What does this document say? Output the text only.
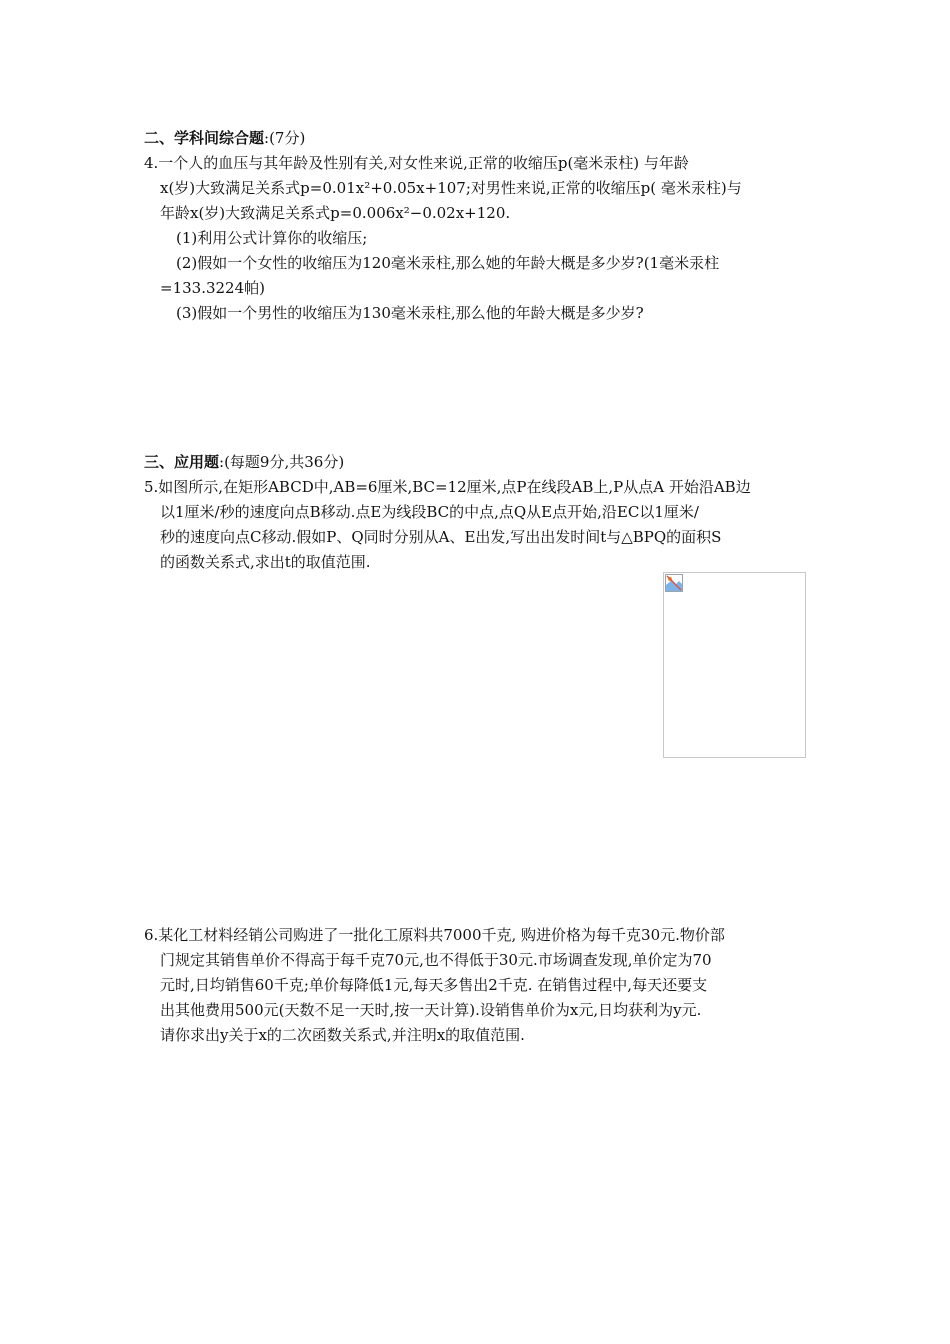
二、学科间综合题:(7分)
4.一个人的血压与其年龄及性别有关,对女性来说,正常的收缩压p(毫米汞柱) 与年龄
x(岁)大致满足关系式p=0.01x²+0.05x+107;对男性来说,正常的收缩压p( 毫米汞柱)与
年龄x(岁)大致满足关系式p=0.006x²−0.02x+120.
(1)利用公式计算你的收缩压;
(2)假如一个女性的收缩压为120毫米汞柱,那么她的年龄大概是多少岁?(1毫米汞柱
=133.3224帕)
(3)假如一个男性的收缩压为130毫米汞柱,那么他的年龄大概是多少岁?
三、应用题:(每题9分,共36分)
5.如图所示,在矩形ABCD中,AB=6厘米,BC=12厘米,点P在线段AB上,P从点A 开始沿AB边
以1厘米/秒的速度向点B移动.点E为线段BC的中点,点Q从E点开始,沿EC以1厘米/
秒的速度向点C移动.假如P、Q同时分别从A、E出发,写出出发时间t与△BPQ的面积S
的函数关系式,求出t的取值范围.
6.某化工材料经销公司购进了一批化工原料共7000千克, 购进价格为每千克30元.物价部
门规定其销售单价不得高于每千克70元,也不得低于30元.市场调查发现,单价定为70
元时,日均销售60千克;单价每降低1元,每天多售出2千克. 在销售过程中,每天还要支
出其他费用500元(天数不足一天时,按一天计算).设销售单价为x元,日均获利为y元.
请你求出y关于x的二次函数关系式,并注明x的取值范围.
